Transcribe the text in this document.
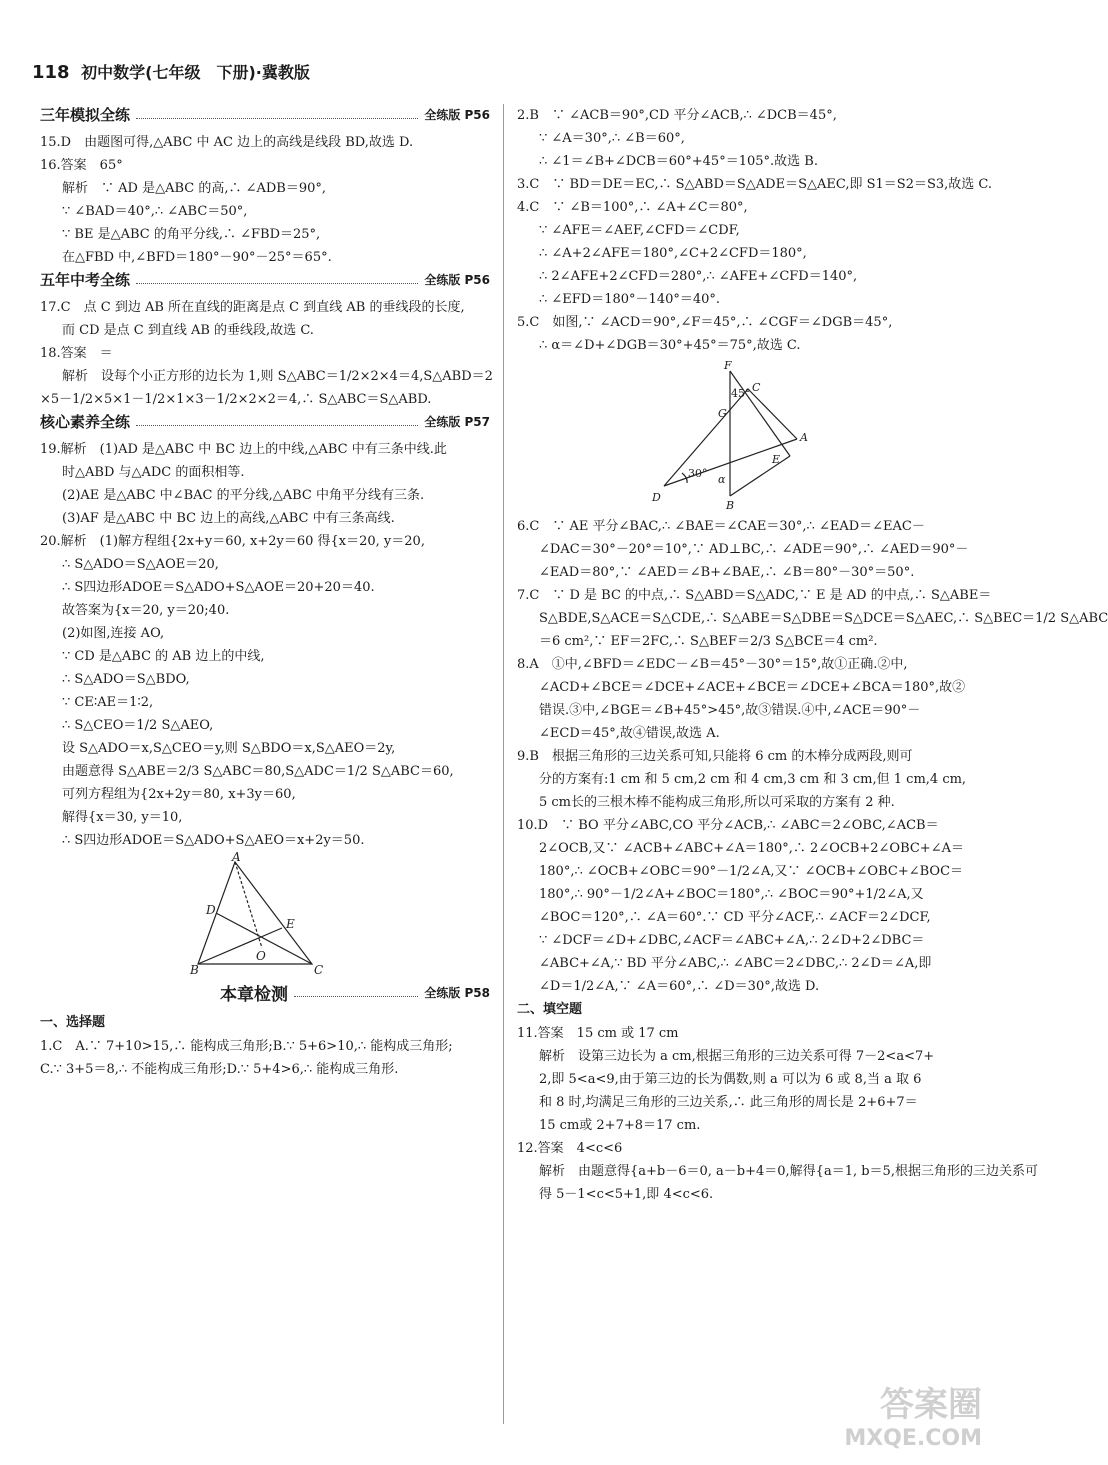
118 初中数学(七年级　下册)·冀教版
三年模拟全练	全练版 P56
15.D　由题图可得,△ABC 中 AC 边上的高线是线段 BD,故选 D.
16.答案　65°
解析　∵ AD 是△ABC 的高,∴ ∠ADB＝90°,
∵ ∠BAD＝40°,∴ ∠ABC＝50°,
∵ BE 是△ABC 的角平分线,∴ ∠FBD＝25°,
在△FBD 中,∠BFD＝180°－90°－25°＝65°.
五年中考全练	全练版 P56
17.C　点 C 到边 AB 所在直线的距离是点 C 到直线 AB 的垂线段的长度,
而 CD 是点 C 到直线 AB 的垂线段,故选 C.
18.答案　＝
解析　设每个小正方形的边长为 1,则 S△ABC＝1/2×2×4＝4,S△ABD＝2
×5－1/2×5×1－1/2×1×3－1/2×2×2＝4,∴ S△ABC＝S△ABD.
核心素养全练	全练版 P57
19.解析　(1)AD 是△ABC 中 BC 边上的中线,△ABC 中有三条中线.此
时△ABD 与△ADC 的面积相等.
(2)AE 是△ABC 中∠BAC 的平分线,△ABC 中角平分线有三条.
(3)AF 是△ABC 中 BC 边上的高线,△ABC 中有三条高线.
20.解析　(1)解方程组{2x+y＝60, x+2y＝60 得{x＝20, y＝20,
∴ S△ADO＝S△AOE＝20,
∴ S四边形ADOE＝S△ADO+S△AOE＝20+20＝40.
故答案为{x＝20, y＝20;40.
(2)如图,连接 AO,
∵ CD 是△ABC 的 AB 边上的中线,
∴ S△ADO＝S△BDO,
∵ CE∶AE＝1∶2,
∴ S△CEO＝1/2 S△AEO,
设 S△ADO＝x,S△CEO＝y,则 S△BDO＝x,S△AEO＝2y,
由题意得 S△ABE＝2/3 S△ABC＝80,S△ADC＝1/2 S△ABC＝60,
可列方程组为{2x+2y＝80, x+3y＝60,
解得{x＝30, y＝10,
∴ S四边形ADOE＝S△ADO+S△AEO＝x+2y＝50.
A
D
E
O
B	C
本章检测	全练版 P58
一、选择题
1.C　A.∵ 7+10>15,∴ 能构成三角形;B.∵ 5+6>10,∴ 能构成三角形;
C.∵ 3+5＝8,∴ 不能构成三角形;D.∵ 5+4>6,∴ 能构成三角形.
2.B　∵ ∠ACB＝90°,CD 平分∠ACB,∴ ∠DCB＝45°,
∵ ∠A＝30°,∴ ∠B＝60°,
∴ ∠1＝∠B+∠DCB＝60°+45°＝105°.故选 B.
3.C　∵ BD＝DE＝EC,∴ S△ABD＝S△ADE＝S△AEC,即 S1＝S2＝S3,故选 C.
4.C　∵ ∠B＝100°,∴ ∠A+∠C＝80°,
∵ ∠AFE＝∠AEF,∠CFD＝∠CDF,
∴ ∠A+2∠AFE＝180°,∠C+2∠CFD＝180°,
∴ 2∠AFE+2∠CFD＝280°,∴ ∠AFE+∠CFD＝140°,
∴ ∠EFD＝180°－140°＝40°.
5.C　如图,∵ ∠ACD＝90°,∠F＝45°,∴ ∠CGF＝∠DGB＝45°,
∴ α＝∠D+∠DGB＝30°+45°＝75°,故选 C.
F
C
45°
G
A
E
30° α
D
B
6.C　∵ AE 平分∠BAC,∴ ∠BAE＝∠CAE＝30°,∴ ∠EAD＝∠EAC－
∠DAC＝30°－20°＝10°,∵ AD⊥BC,∴ ∠ADE＝90°,∴ ∠AED＝90°－
∠EAD＝80°,∵ ∠AED＝∠B+∠BAE,∴ ∠B＝80°－30°＝50°.
7.C　∵ D 是 BC 的中点,∴ S△ABD＝S△ADC,∵ E 是 AD 的中点,∴ S△ABE＝
S△BDE,S△ACE＝S△CDE,∴ S△ABE＝S△DBE＝S△DCE＝S△AEC,∴ S△BEC＝1/2 S△ABC
＝6 cm²,∵ EF＝2FC,∴ S△BEF＝2/3 S△BCE＝4 cm².
8.A　①中,∠BFD＝∠EDC－∠B＝45°－30°＝15°,故①正确.②中,
∠ACD+∠BCE＝∠DCE+∠ACE+∠BCE＝∠DCE+∠BCA＝180°,故②
错误.③中,∠BGE＝∠B+45°>45°,故③错误.④中,∠ACE＝90°－
∠ECD＝45°,故④错误,故选 A.
9.B　根据三角形的三边关系可知,只能将 6 cm 的木棒分成两段,则可
分的方案有:1 cm 和 5 cm,2 cm 和 4 cm,3 cm 和 3 cm,但 1 cm,4 cm,
5 cm长的三根木棒不能构成三角形,所以可采取的方案有 2 种.
10.D　∵ BO 平分∠ABC,CO 平分∠ACB,∴ ∠ABC＝2∠OBC,∠ACB＝
2∠OCB,又∵ ∠ACB+∠ABC+∠A＝180°,∴ 2∠OCB+2∠OBC+∠A＝
180°,∴ ∠OCB+∠OBC＝90°－1/2∠A,又∵ ∠OCB+∠OBC+∠BOC＝
180°,∴ 90°－1/2∠A+∠BOC＝180°,∴ ∠BOC＝90°+1/2∠A,又
∠BOC＝120°,∴ ∠A＝60°.∵ CD 平分∠ACF,∴ ∠ACF＝2∠DCF,
∵ ∠DCF＝∠D+∠DBC,∠ACF＝∠ABC+∠A,∴ 2∠D+2∠DBC＝
∠ABC+∠A,∵ BD 平分∠ABC,∴ ∠ABC＝2∠DBC,∴ 2∠D＝∠A,即
∠D＝1/2∠A,∵ ∠A＝60°,∴ ∠D＝30°,故选 D.
二、填空题
11.答案　15 cm 或 17 cm
解析　设第三边长为 a cm,根据三角形的三边关系可得 7－2<a<7+
2,即 5<a<9,由于第三边的长为偶数,则 a 可以为 6 或 8,当 a 取 6
和 8 时,均满足三角形的三边关系,∴ 此三角形的周长是 2+6+7＝
15 cm或 2+7+8＝17 cm.
12.答案　4<c<6
解析　由题意得{a+b－6＝0, a－b+4＝0,解得{a＝1, b＝5,根据三角形的三边关系可
得 5－1<c<5+1,即 4<c<6.
答案圈
MXQE.COM
